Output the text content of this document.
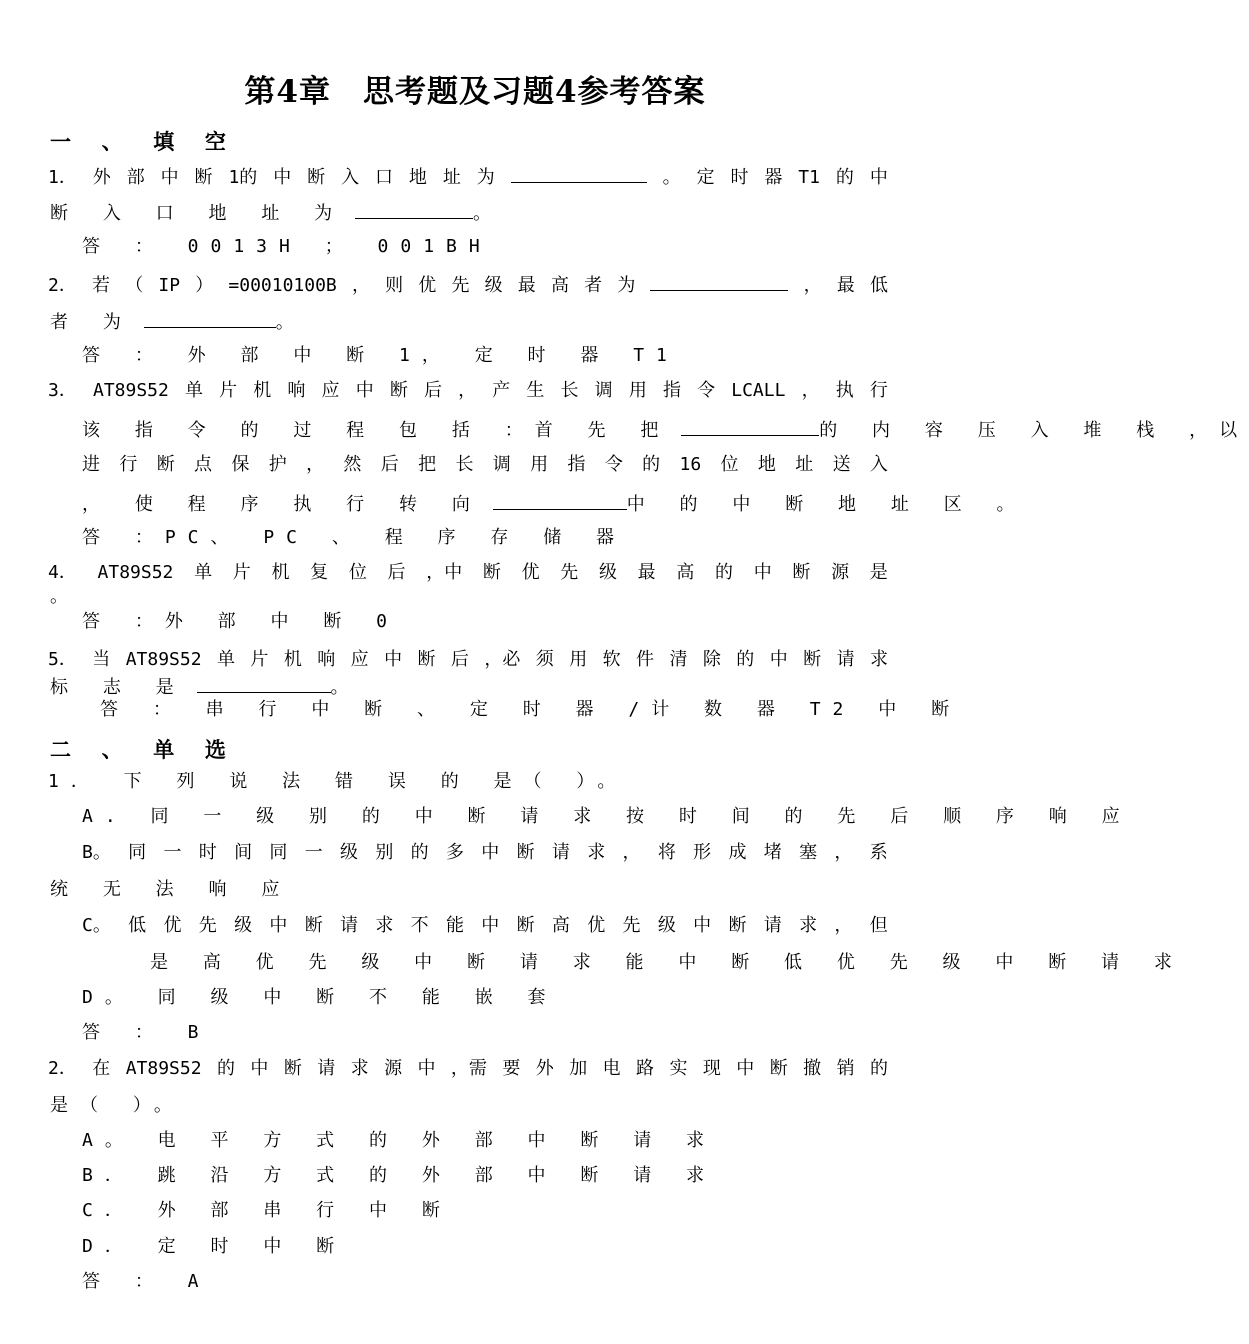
第4章　思考题及习题4参考答案
一 、 填 空
1． 外 部 中 断 1的 中 断 入 口 地 址 为	。 定 时 器 T1 的 中
断 入 口 地 址 为	。
答 ： 0013H ； 001BH
2． 若 （ IP ） =00010100B ， 则 优 先 级 最 高 者 为	， 最 低
者 为	。
答 ： 外 部 中 断 1， 定 时 器 T1
3． AT89S52 单 片 机 响 应 中 断 后 ， 产 生 长 调 用 指 令 LCALL ， 执 行
该 指 令 的 过 程 包 括 ：首 先 把	的 内 容 压 入 堆 栈 ，以
进 行 断 点 保 护 ， 然 后 把 长 调 用 指 令 的 16 位 地 址 送 入
， 使 程 序 执 行 转 向	中 的 中 断 地 址 区 。
答 ：PC、 PC 、 程 序 存 储 器
4． AT89S52 单 片 机 复 位 后 ，中 断 优 先 级 最 高 的 中 断 源 是
。
答 ：外 部 中 断 0
5． 当 AT89S52 单 片 机 响 应 中 断 后 ，必 须 用 软 件 清 除 的 中 断 请 求
标 志 是	。
答 ： 串 行 中 断 、 定 时 器 /计 数 器 T2 中 断
二 、 单 选
1． 下 列 说 法 错 误 的 是（ ）。
A. 同 一 级 别 的 中 断 请 求 按 时 间 的 先 后 顺 序 响 应
B。 同 一 时 间 同 一 级 别 的 多 中 断 请 求 ， 将 形 成 堵 塞 ， 系
统 无 法 响 应
C。 低 优 先 级 中 断 请 求 不 能 中 断 高 优 先 级 中 断 请 求 ， 但
是 高 优 先 级 中 断 请 求 能 中 断 低 优 先 级 中 断 请 求
D。 同 级 中 断 不 能 嵌 套
答 ： B
2． 在 AT89S52 的 中 断 请 求 源 中 ，需 要 外 加 电 路 实 现 中 断 撤 销 的
是（ ）。
A。 电 平 方 式 的 外 部 中 断 请 求
B． 跳 沿 方 式 的 外 部 中 断 请 求
C． 外 部 串 行 中 断
D． 定 时 中 断
答 ： A
